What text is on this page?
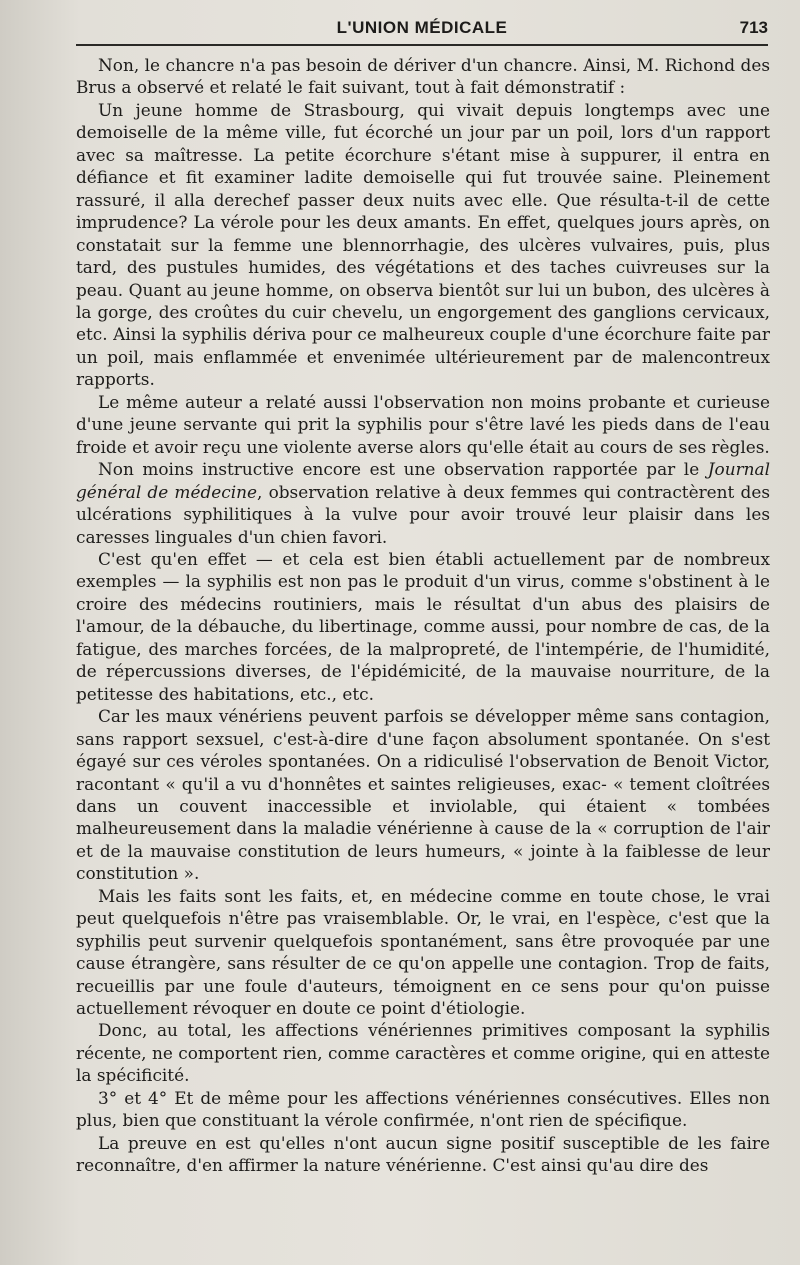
L'UNION MÉDICALE	713

Non, le chancre n'a pas besoin de dériver d'un chancre. Ainsi, M. Richond des Brus a observé et relaté le fait suivant, tout à fait démonstratif :

Un jeune homme de Strasbourg, qui vivait depuis longtemps avec une demoiselle de la même ville, fut écorché un jour par un poil, lors d'un rapport avec sa maîtresse. La petite écorchure s'étant mise à suppurer, il entra en défiance et fit examiner ladite demoiselle qui fut trouvée saine. Pleinement rassuré, il alla derechef passer deux nuits avec elle. Que résulta-t-il de cette imprudence? La vérole pour les deux amants. En effet, quelques jours après, on constatait sur la femme une blennorrhagie, des ulcères vulvaires, puis, plus tard, des pustules humides, des végétations et des taches cuivreuses sur la peau. Quant au jeune homme, on observa bientôt sur lui un bubon, des ulcères à la gorge, des croûtes du cuir chevelu, un engorgement des ganglions cervicaux, etc. Ainsi la syphilis dériva pour ce malheureux couple d'une écorchure faite par un poil, mais enflammée et envenimée ultérieurement par de malencontreux rapports.

Le même auteur a relaté aussi l'observation non moins probante et curieuse d'une jeune servante qui prit la syphilis pour s'être lavé les pieds dans de l'eau froide et avoir reçu une violente averse alors qu'elle était au cours de ses règles.

Non moins instructive encore est une observation rapportée par le Journal général de médecine, observation relative à deux femmes qui contractèrent des ulcérations syphilitiques à la vulve pour avoir trouvé leur plaisir dans les caresses linguales d'un chien favori.

C'est qu'en effet — et cela est bien établi actuellement par de nombreux exemples — la syphilis est non pas le produit d'un virus, comme s'obstinent à le croire des médecins routiniers, mais le résultat d'un abus des plaisirs de l'amour, de la débauche, du libertinage, comme aussi, pour nombre de cas, de la fatigue, des marches forcées, de la malpropreté, de l'intempérie, de l'humidité, de répercussions diverses, de l'épidémicité, de la mauvaise nourriture, de la petitesse des habitations, etc., etc.

Car les maux vénériens peuvent parfois se développer même sans contagion, sans rapport sexsuel, c'est-à-dire d'une façon absolument spontanée. On s'est égayé sur ces véroles spontanées. On a ridiculisé l'observation de Benoit Victor, racontant « qu'il a vu d'honnêtes et saintes religieuses, exac- « tement cloîtrées dans un couvent inaccessible et inviolable, qui étaient « tombées malheureusement dans la maladie vénérienne à cause de la « corruption de l'air et de la mauvaise constitution de leurs humeurs, « jointe à la faiblesse de leur constitution ».

Mais les faits sont les faits, et, en médecine comme en toute chose, le vrai peut quelquefois n'être pas vraisemblable. Or, le vrai, en l'espèce, c'est que la syphilis peut survenir quelquefois spontanément, sans être provoquée par une cause étrangère, sans résulter de ce qu'on appelle une contagion. Trop de faits, recueillis par une foule d'auteurs, témoignent en ce sens pour qu'on puisse actuellement révoquer en doute ce point d'étiologie.

Donc, au total, les affections vénériennes primitives composant la syphilis récente, ne comportent rien, comme caractères et comme origine, qui en atteste la spécificité.

3° et 4° Et de même pour les affections vénériennes consécutives. Elles non plus, bien que constituant la vérole confirmée, n'ont rien de spécifique.

La preuve en est qu'elles n'ont aucun signe positif susceptible de les faire reconnaître, d'en affirmer la nature vénérienne. C'est ainsi qu'au dire des
